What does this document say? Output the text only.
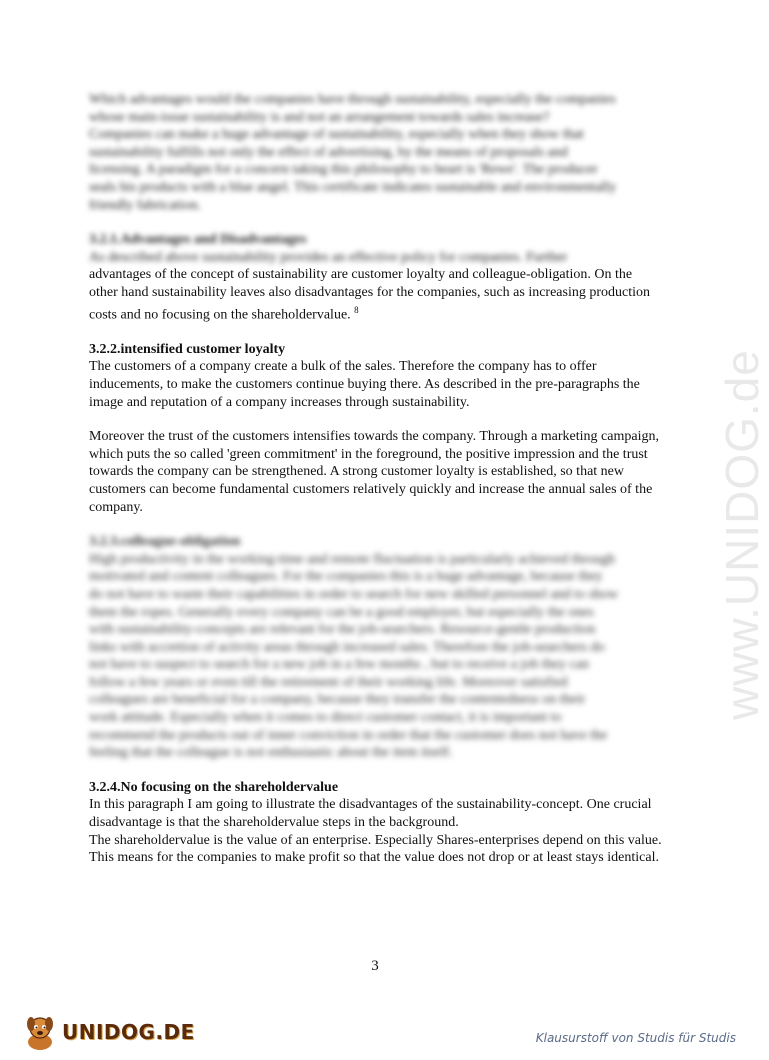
www.UNIDOG.de

Which advantages would the companies have through sustainability, especially the companies

whose main-issue sustainability is and not an arrangement towards sales increase?

Companies can make a huge advantage of sustainability, especially when they show that

sustainability fulfills not only the effect of advertising, by the means of proposals and

licensing. A paradigm for a concern taking this philosophy to heart is 'Rewe'. The producer

seals his products with a blue angel. This certificate indicates sustainable and environmentally

friendly fabrication.

3.2.1.Advantages and Disadvantages

As described above sustainability provides an effective policy for companies. Further

advantages of the concept of sustainability are customer loyalty and colleague-obligation. On the other hand sustainability leaves also disadvantages for the companies, such as increasing production costs and no focusing on the shareholdervalue. $^8$

3.2.2.intensified customer loyalty

The customers of a company create a bulk of the sales. Therefore the company has to offer inducements, to make the customers continue buying there. As described in the pre-paragraphs the image and reputation of a company increases through sustainability.

Moreover the trust of the customers intensifies towards the company. Through a marketing campaign, which puts the so called 'green commitment' in the foreground, the positive impression and the trust towards the company can be strengthened. A strong customer loyalty is established, so that new customers can become fundamental customers relatively quickly and increase the annual sales of the company.

3.2.3.colleague-obligation

High productivity in the working-time and remote fluctuation is particularly achieved through

motivated and content colleagues. For the companies this is a huge advantage, because they

do not have to waste their capabilities in order to search for new skilled personnel and to show

them the ropes. Generally every company can be a good employer, but especially the ones

with sustainability-concepts are relevant for the job-searchers. Resource-gentle production

links with accretion of activity areas through increased sales. Therefore the job-searchers do

not have to suspect to search for a new job in a few months , but to receive a job they can

follow a few years or even till the retirement of their working life. Moreover satisfied

colleagues are beneficial for a company, because they transfer the contentedness on their

work attitude. Especially when it comes to direct customer contact, it is important to

recommend the products out of inner conviction in order that the customer does not have the

feeling that the colleague is not enthusiastic about the item itself.

3.2.4.No focusing on the shareholdervalue

In this paragraph I am going to illustrate the disadvantages of the sustainability-concept. One crucial disadvantage is that the shareholdervalue steps in the background.

The shareholdervalue is the value of an enterprise. Especially Shares-enterprises depend on this value. This means for the companies to make profit so that the value does not drop or at least stays identical.

3
UNIDOG.DE	Klausurstoff von Studis für Studis
